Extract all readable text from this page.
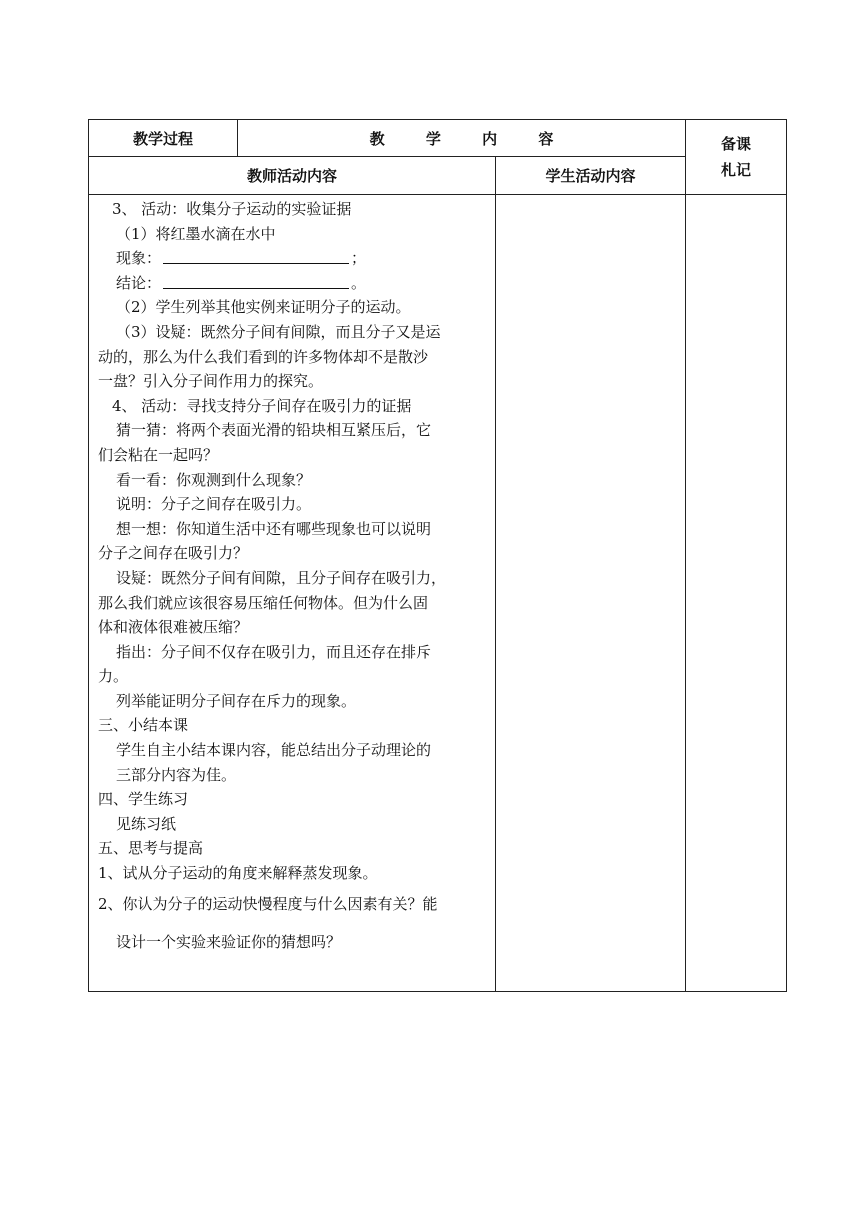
教学过程	教 学 内 容	备课
札记
教师活动内容	学生活动内容
3、 活动：收集分子运动的实验证据
（1）将红墨水滴在水中
现象：	；
结论：	。
（2）学生列举其他实例来证明分子的运动。
（3）设疑：既然分子间有间隙，而且分子又是运
动的，那么为什么我们看到的许多物体却不是散沙
一盘？引入分子间作用力的探究。
4、 活动：寻找支持分子间存在吸引力的证据
猜一猜：将两个表面光滑的铅块相互紧压后，它
们会粘在一起吗？
看一看：你观测到什么现象？
说明：分子之间存在吸引力。
想一想：你知道生活中还有哪些现象也可以说明
分子之间存在吸引力？
设疑：既然分子间有间隙，且分子间存在吸引力，
那么我们就应该很容易压缩任何物体。但为什么固
体和液体很难被压缩？
指出：分子间不仅存在吸引力，而且还存在排斥
力。
列举能证明分子间存在斥力的现象。
三、小结本课
学生自主小结本课内容，能总结出分子动理论的
三部分内容为佳。
四、学生练习
见练习纸
五、思考与提高
1、试从分子运动的角度来解释蒸发现象。
2、你认为分子的运动快慢程度与什么因素有关？能
设计一个实验来验证你的猜想吗？
